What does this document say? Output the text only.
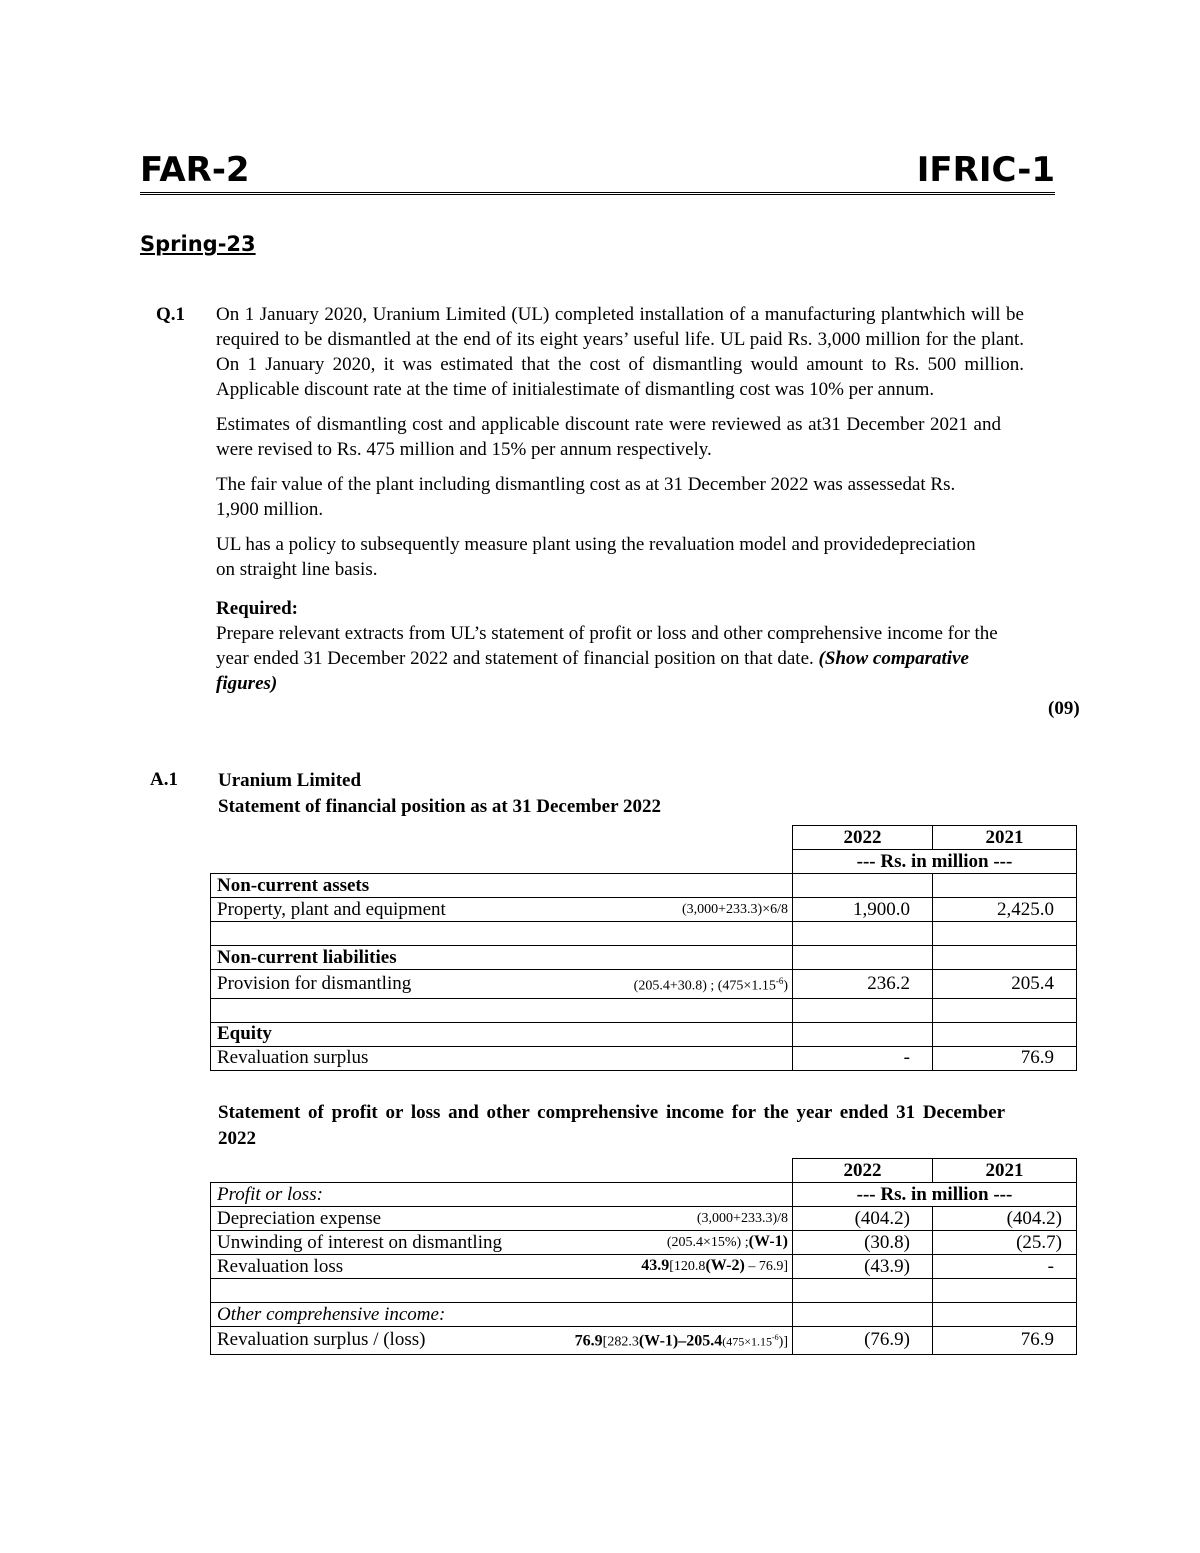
FAR-2	IFRIC-1
Spring-23
Q.1 On 1 January 2020, Uranium Limited (UL) completed installation of a manufacturing plantwhich will be required to be dismantled at the end of its eight years’ useful life. UL paid Rs. 3,000 million for the plant. On 1 January 2020, it was estimated that the cost of dismantling would amount to Rs. 500 million. Applicable discount rate at the time of initialestimate of dismantling cost was 10% per annum.

Estimates of dismantling cost and applicable discount rate were reviewed as at31 December 2021 and were revised to Rs. 475 million and 15% per annum respectively.

The fair value of the plant including dismantling cost as at 31 December 2022 was assessedat Rs. 1,900 million.

UL has a policy to subsequently measure plant using the revaluation model and providedepreciation on straight line basis.

Required:
Prepare relevant extracts from UL’s statement of profit or loss and other comprehensive income for the year ended 31 December 2022 and statement of financial position on that date. (Show comparative figures)

(09)
A.1 Uranium Limited
Statement of financial position as at 31 December 2022
		2022	2021
		--- Rs. in million ---	
Non-current assets			
Property, plant and equipment	(3,000+233.3)×6/8	1,900.0	2,425.0

Non-current liabilities			
Provision for dismantling	(205.4+30.8) ; $(475\times 1.15^{-6})$	236.2	205.4

Equity			
Revaluation surplus		-	76.9
Statement of profit or loss and other comprehensive income for the year ended 31 December 2022
		2022	2021
Profit or loss:		--- Rs. in million ---	
Depreciation expense	(3,000+233.3)/8	(404.2)	(404.2)
Unwinding of interest on dismantling	(205.4×15%) ;(W-1)	(30.8)	(25.7)
Revaluation loss	43.9[120.8(W-2) – 76.9]	(43.9)	-

Other comprehensive income:			
Revaluation surplus / (loss)	$76.9[282.3(W-1)-205.4(475\times 1.15^{-6})]$	(76.9)	76.9
